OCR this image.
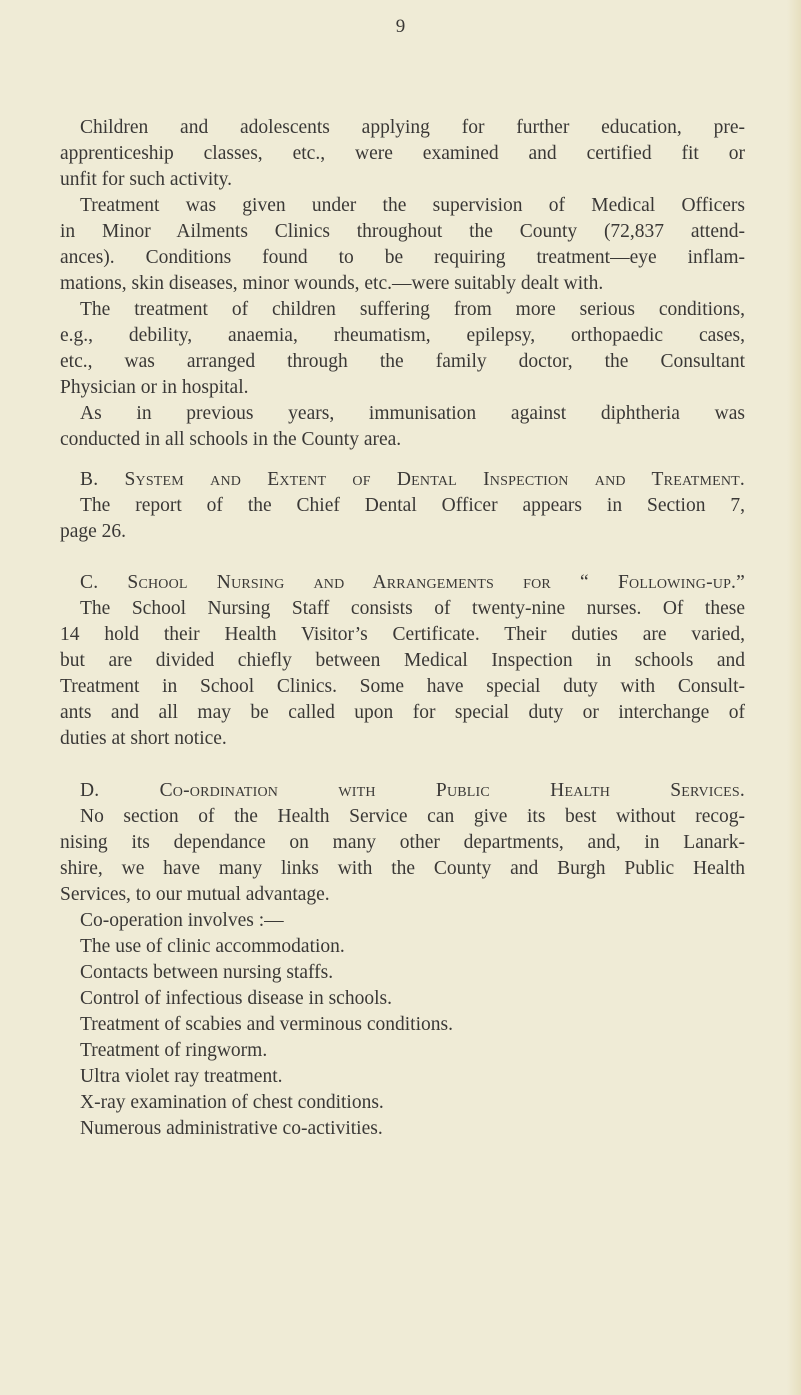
9
Children and adolescents applying for further education, pre-
apprenticeship classes, etc., were examined and certified fit or
unfit for such activity.
Treatment was given under the supervision of Medical Officers
in Minor Ailments Clinics throughout the County (72,837 attend-
ances). Conditions found to be requiring treatment—eye inflam-
mations, skin diseases, minor wounds, etc.—were suitably dealt with.
The treatment of children suffering from more serious conditions,
e.g., debility, anaemia, rheumatism, epilepsy, orthopaedic cases,
etc., was arranged through the family doctor, the Consultant
Physician or in hospital.
As in previous years, immunisation against diphtheria was
conducted in all schools in the County area.
B. System and Extent of Dental Inspection and Treatment.
The report of the Chief Dental Officer appears in Section 7,
page 26.
C. School Nursing and Arrangements for “ Following-up.”
The School Nursing Staff consists of twenty-nine nurses. Of these
14 hold their Health Visitor’s Certificate. Their duties are varied,
but are divided chiefly between Medical Inspection in schools and
Treatment in School Clinics. Some have special duty with Consult-
ants and all may be called upon for special duty or interchange of
duties at short notice.
D. Co-ordination with Public Health Services.
No section of the Health Service can give its best without recog-
nising its dependance on many other departments, and, in Lanark-
shire, we have many links with the County and Burgh Public Health
Services, to our mutual advantage.
Co-operation involves :—
The use of clinic accommodation.
Contacts between nursing staffs.
Control of infectious disease in schools.
Treatment of scabies and verminous conditions.
Treatment of ringworm.
Ultra violet ray treatment.
X-ray examination of chest conditions.
Numerous administrative co-activities.
